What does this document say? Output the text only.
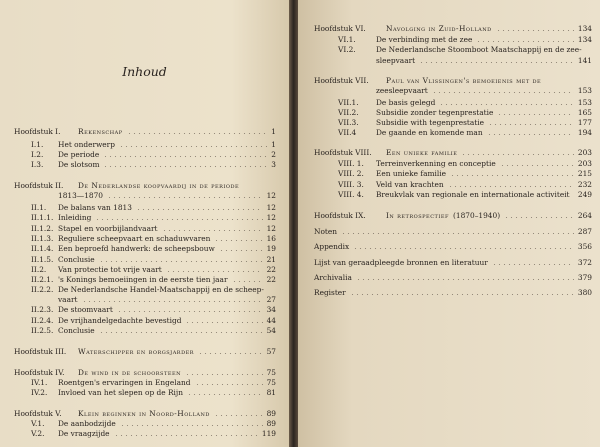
Inhoud
Hoofdstuk I. Rekenschap	1
I.1. Het onderwerp	1
I.2. De periode	2
I.3. De slotsom	3
Hoofdstuk II. De Nederlandse koopvaardij in de periode
1813—1870	12
II.1. De balans van 1813	12
II.1.1. Inleiding	12
II.1.2. Stapel en voorbijlandvaart	12
II.1.3. Reguliere scheepvaart en schaduwvaren	16
II.1.4. Een beproefd handwerk: de scheepsbouw	19
II.1.5. Conclusie	21
II.2. Van protectie tot vrije vaart	22
II.2.1. 's Konings bemoeiingen in de eerste tien jaar	22
II.2.2. De Nederlandsche Handel-Maatschappij en de scheep-
vaart	27
II.2.3. De stoomvaart	34
II.2.4. De vrijhandelgedachte bevestigd	44
II.2.5. Conclusie	54
Hoofdstuk III. Waterschipper en borgsjarder	57
Hoofdstuk IV. De wind in de schoorsteen	75
IV.1. Roentgen's ervaringen in Engeland	75
IV.2. Invloed van het slepen op de Rijn	81
Hoofdstuk V. Klein beginnen in Noord-Holland	89
V.1. De aanbodzijde	89
V.2. De vraagzijde	119
Hoofdstuk VI.	Navolging in Zuid-Holland	134
VI.1.	De verbinding met de zee	134
VI.2.	De Nederlandsche Stoomboot Maatschappij en de zee-
sleepvaart	141
Hoofdstuk VII. Paul van Vlissingen's bemoeienis met de
zeesleepvaart	153
VII.1. De basis gelegd	153
VII.2. Subsidie zonder tegenprestatie	165
VII.3. Subsidie with tegenprestatie	177
VII.4	De gaande en komende man	194
Hoofdstuk VIII. Een unieke familie	203
VIII. 1. Terreinverkenning en conceptie	203
VIII. 2. Een unieke familie	215
VIII. 3. Veld van krachten	232
VIII. 4. Breukvlak van regionale en internationale activiteit 249
Hoofdstuk IX.	In retrospectief (1870–1940)	264
Noten	287
Appendix	356
Lijst van geraadpleegde bronnen en literatuur	372
Archivalia	379
Register	380
